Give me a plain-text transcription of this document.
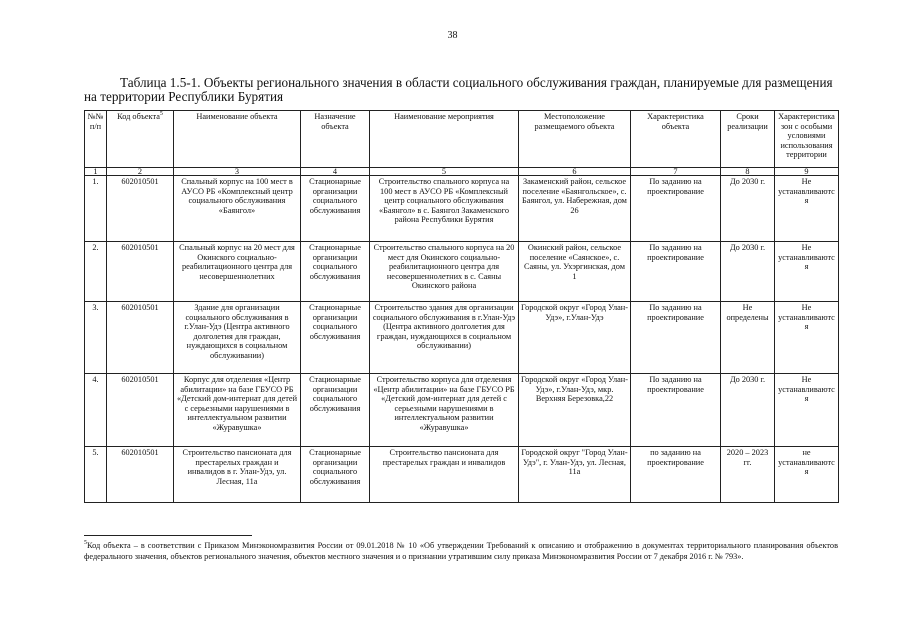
38
Таблица 1.5-1. Объекты регионального значения в области социального обслуживания граждан, планируемые для размещения на территории Республики Бурятия
№№ п/п	Код объекта$^5$	Наименование объекта	Назначение объекта	Наименование мероприятия	Местоположение размещаемого объекта	Характеристика объекта	Сроки реализации	Характеристика зон с особыми условиями использования территории
1	2	3	4	5	6	7	8	9
1.	602010501	Спальный корпус на 100 мест в АУСО РБ «Комплексный центр социального обслуживания «Баянгол»	Стационарные организации социального обслуживания	Строительство спального корпуса на 100 мест в АУСО РБ «Комплексный центр социального обслуживания «Баянгол» в с. Баянгол Закаменского района Республики Бурятия	Закаменский район, сельское поселение «Баянгольское», с. Баянгол, ул. Набережная, дом 26	По заданию на проектирование	До 2030 г.	Не устанавливаются
2.	602010501	Спальный корпус на 20 мест для Окинского социально-реабилитационного центра для несовершеннолетних	Стационарные организации социального обслуживания	Строительство спального корпуса на 20 мест для Окинского социально-реабилитационного центра для несовершеннолетних в с. Саяны Окинского района	Окинский район, сельское поселение «Саянское», с. Саяны, ул. Ухэргинская, дом 1	По заданию на проектирование	До 2030 г.	Не устанавливаются
3.	602010501	Здание для организации социального обслуживания в г.Улан-Удэ (Центра активного долголетия для граждан, нуждающихся в социальном обслуживании)	Стационарные организации социального обслуживания	Строительство здания для организации социального обслуживания в г.Улан-Удэ (Центра активного долголетия для граждан, нуждающихся в социальном обслуживании)	Городской округ «Город Улан-Удэ», г.Улан-Удэ	По заданию на проектирование	Не определены	Не устанавливаются
4.	602010501	Корпус для отделения «Центр абилитации» на базе ГБУСО РБ «Детский дом-интернат для детей с серьезными нарушениями в интеллектуальном развитии «Журавушка»	Стационарные организации социального обслуживания	Строительство корпуса для отделения «Центр абилитации» на базе ГБУСО РБ «Детский дом-интернат для детей с серьезными нарушениями в интеллектуальном развитии «Журавушка»	Городской округ «Город Улан-Удэ», г.Улан-Удэ, мкр. Верхняя Березовка,22	По заданию на проектирование	До 2030 г.	Не устанавливаются
5.	602010501	Строительство пансионата для престарелых граждан и инвалидов в г. Улан-Удэ, ул. Лесная, 11а	Стационарные организации социального обслуживания	Строительство пансионата для престарелых граждан и инвалидов	Городской округ "Город Улан-Удэ", г. Улан-Удэ, ул. Лесная, 11а	по заданию на проектирование	2020 – 2023 гг.	не устанавливаются
$^5$Код объекта – в соответствии с Приказом Минэкономразвития России от 09.01.2018 № 10 «Об утверждении Требований к описанию и отображению в документах территориального планирования объектов федерального значения, объектов регионального значения, объектов местного значения и о признании утратившим силу приказа Минэкономразвития России от 7 декабря 2016 г. № 793».
